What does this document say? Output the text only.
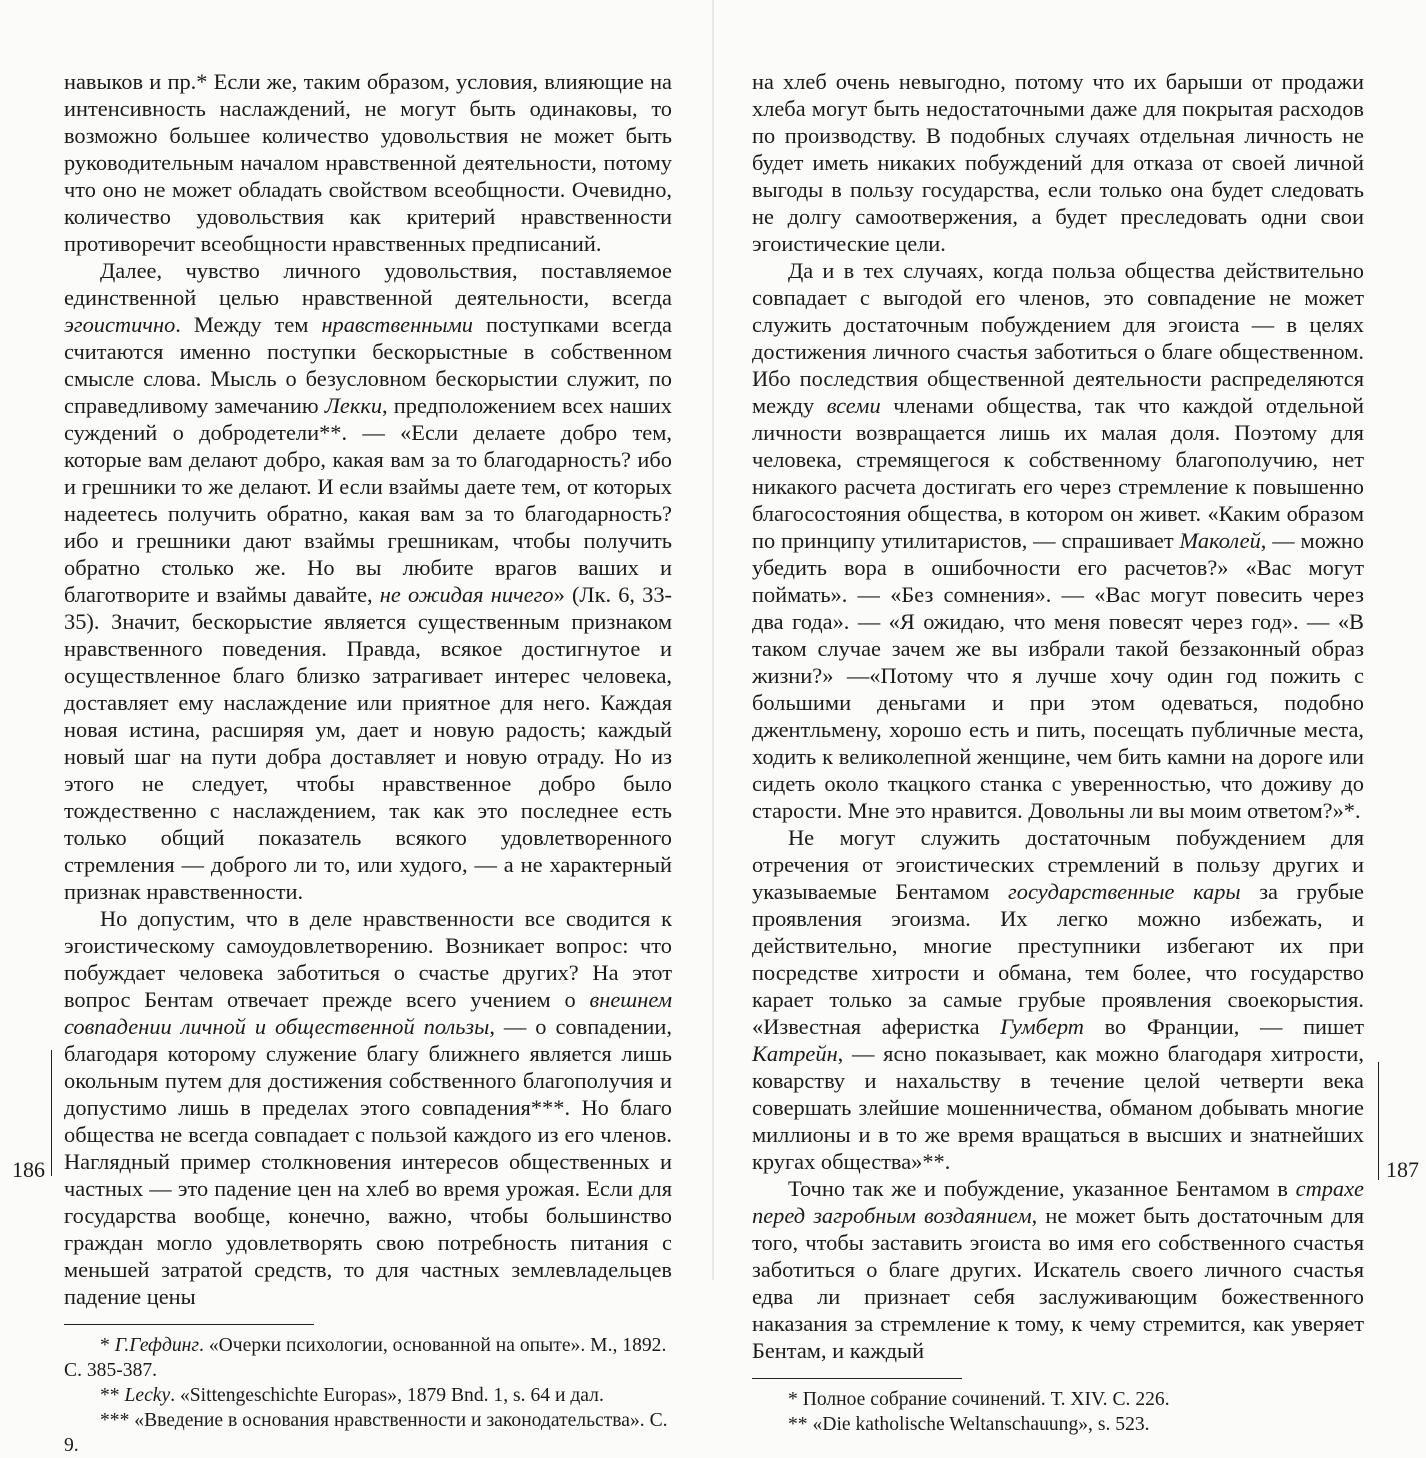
навыков и пр.* Если же, таким образом, условия, влияющие на интенсивность наслаждений, не могут быть одинаковы, то возможно большее количество удовольствия не может быть руководительным началом нравственной деятельности, потому что оно не может обладать свойством всеобщности. Очевидно, количество удовольствия как критерий нравственности противоречит всеобщности нравственных предписаний.

Далее, чувство личного удовольствия, поставляемое единственной целью нравственной деятельности, всегда эгоистично. Между тем нравственными поступками всегда считаются именно поступки бескорыстные в собственном смысле слова. Мысль о безусловном бескорыстии служит, по справедливому замечанию Лекки, предположением всех наших суждений о добродетели**. — «Если делаете добро тем, которые вам делают добро, какая вам за то благодарность? ибо и грешники то же делают. И если взаймы даете тем, от которых надеетесь получить обратно, какая вам за то благодарность? ибо и грешники дают взаймы грешникам, чтобы получить обратно столько же. Но вы любите врагов ваших и благотворите и взаймы давайте, не ожидая ничего» (Лк. 6, 33-35). Значит, бескорыстие является существенным признаком нравственного поведения. Правда, всякое достигнутое и осуществленное благо близко затрагивает интерес человека, доставляет ему наслаждение или приятное для него. Каждая новая истина, расширяя ум, дает и новую радость; каждый новый шаг на пути добра доставляет и новую отраду. Но из этого не следует, чтобы нравственное добро было тождественно с наслаждением, так как это последнее есть только общий показатель всякого удовлетворенного стремления — доброго ли то, или худого, — а не характерный признак нравственности.

Но допустим, что в деле нравственности все сводится к эгоистическому самоудовлетворению. Возникает вопрос: что побуждает человека заботиться о счастье других? На этот вопрос Бентам отвечает прежде всего учением о внешнем совпадении личной и общественной пользы, — о совпадении, благодаря которому служение благу ближнего является лишь окольным путем для достижения собственного благополучия и допустимо лишь в пределах этого совпадения***. Но благо общества не всегда совпадает с пользой каждого из его членов. Наглядный пример столкновения интересов общественных и частных — это падение цен на хлеб во время урожая. Если для государства вообще, конечно, важно, чтобы большинство граждан могло удовлетворять свою потребность питания с меньшей затратой средств, то для частных землевладельцев падение цены

* Г.Гефдинг. «Очерки психологии, основанной на опыте». М., 1892. С. 385-387.

** Lecky. «Sittengeschichte Europas», 1879 Bnd. 1, s. 64 и дал.

*** «Введение в основания нравственности и законодательства». С. 9.

на хлеб очень невыгодно, потому что их барыши от продажи хлеба могут быть недостаточными даже для покрытая расходов по производству. В подобных случаях отдельная личность не будет иметь никаких побуждений для отказа от своей личной выгоды в пользу государства, если только она будет следовать не долгу самоотвержения, а будет преследовать одни свои эгоистические цели.

Да и в тех случаях, когда польза общества действительно совпадает с выгодой его членов, это совпадение не может служить достаточным побуждением для эгоиста — в целях достижения личного счастья заботиться о благе общественном. Ибо последствия общественной деятельности распределяются между всеми членами общества, так что каждой отдельной личности возвращается лишь их малая доля. Поэтому для человека, стремящегося к собственному благополучию, нет никакого расчета достигать его через стремление к повышенно благосостояния общества, в котором он живет. «Каким образом по принципу утилитаристов, — спрашивает Маколей, — можно убедить вора в ошибочности его расчетов?» «Вас могут поймать». — «Без сомнения». — «Вас могут повесить через два года». — «Я ожидаю, что меня повесят через год». — «В таком случае зачем же вы избрали такой беззаконный образ жизни?» —«Потому что я лучше хочу один год пожить с большими деньгами и при этом одеваться, подобно джентльмену, хорошо есть и пить, посещать публичные места, ходить к великолепной женщине, чем бить камни на дороге или сидеть около ткацкого станка с уверенностью, что доживу до старости. Мне это нравится. Довольны ли вы моим ответом?»*.

Не могут служить достаточным побуждением для отречения от эгоистических стремлений в пользу других и указываемые Бентамом государственные кары за грубые проявления эгоизма. Их легко можно избежать, и действительно, многие преступники избегают их при посредстве хитрости и обмана, тем более, что государство карает только за самые грубые проявления своекорыстия. «Известная аферистка Гумберт во Франции, — пишет Катрейн, — ясно показывает, как можно благодаря хитрости, коварству и нахальству в течение целой четверти века совершать злейшие мошенничества, обманом добывать многие миллионы и в то же время вращаться в высших и знатнейших кругах общества»**.

Точно так же и побуждение, указанное Бентамом в страхе перед загробным воздаянием, не может быть достаточным для того, чтобы заставить эгоиста во имя его собственного счастья заботиться о благе других. Искатель своего личного счастья едва ли признает себя заслуживающим божественного наказания за стремление к тому, к чему стремится, как уверяет Бентам, и каждый

* Полное собрание сочинений. Т. XIV. С. 226.

** «Die katholische Weltanschauung», s. 523.

186	187
